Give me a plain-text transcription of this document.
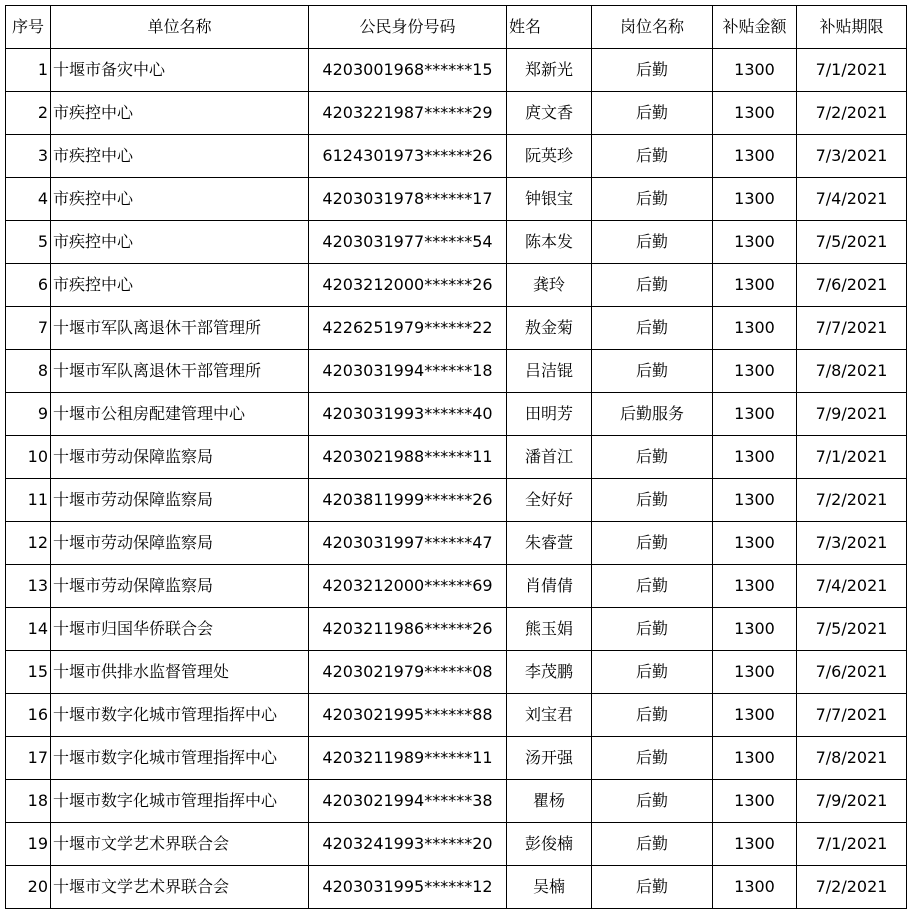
序号	单位名称	公民身份号码	姓名	岗位名称	补贴金额	补贴期限
1	十堰市备灾中心	4203001968******15	郑新光	后勤	1300	7/1/2021
2	市疾控中心	4203221987******29	庹文香	后勤	1300	7/2/2021
3	市疾控中心	6124301973******26	阮英珍	后勤	1300	7/3/2021
4	市疾控中心	4203031978******17	钟银宝	后勤	1300	7/4/2021
5	市疾控中心	4203031977******54	陈本发	后勤	1300	7/5/2021
6	市疾控中心	4203212000******26	龚玲	后勤	1300	7/6/2021
7	十堰市军队离退休干部管理所	4226251979******22	敖金菊	后勤	1300	7/7/2021
8	十堰市军队离退休干部管理所	4203031994******18	吕洁锟	后勤	1300	7/8/2021
9	十堰市公租房配建管理中心	4203031993******40	田明芳	后勤服务	1300	7/9/2021
10	十堰市劳动保障监察局	4203021988******11	潘首江	后勤	1300	7/1/2021
11	十堰市劳动保障监察局	4203811999******26	全好好	后勤	1300	7/2/2021
12	十堰市劳动保障监察局	4203031997******47	朱睿萱	后勤	1300	7/3/2021
13	十堰市劳动保障监察局	4203212000******69	肖倩倩	后勤	1300	7/4/2021
14	十堰市归国华侨联合会	4203211986******26	熊玉娟	后勤	1300	7/5/2021
15	十堰市供排水监督管理处	4203021979******08	李茂鹏	后勤	1300	7/6/2021
16	十堰市数字化城市管理指挥中心	4203021995******88	刘宝君	后勤	1300	7/7/2021
17	十堰市数字化城市管理指挥中心	4203211989******11	汤开强	后勤	1300	7/8/2021
18	十堰市数字化城市管理指挥中心	4203021994******38	瞿杨	后勤	1300	7/9/2021
19	十堰市文学艺术界联合会	4203241993******20	彭俊楠	后勤	1300	7/1/2021
20	十堰市文学艺术界联合会	4203031995******12	吴楠	后勤	1300	7/2/2021
